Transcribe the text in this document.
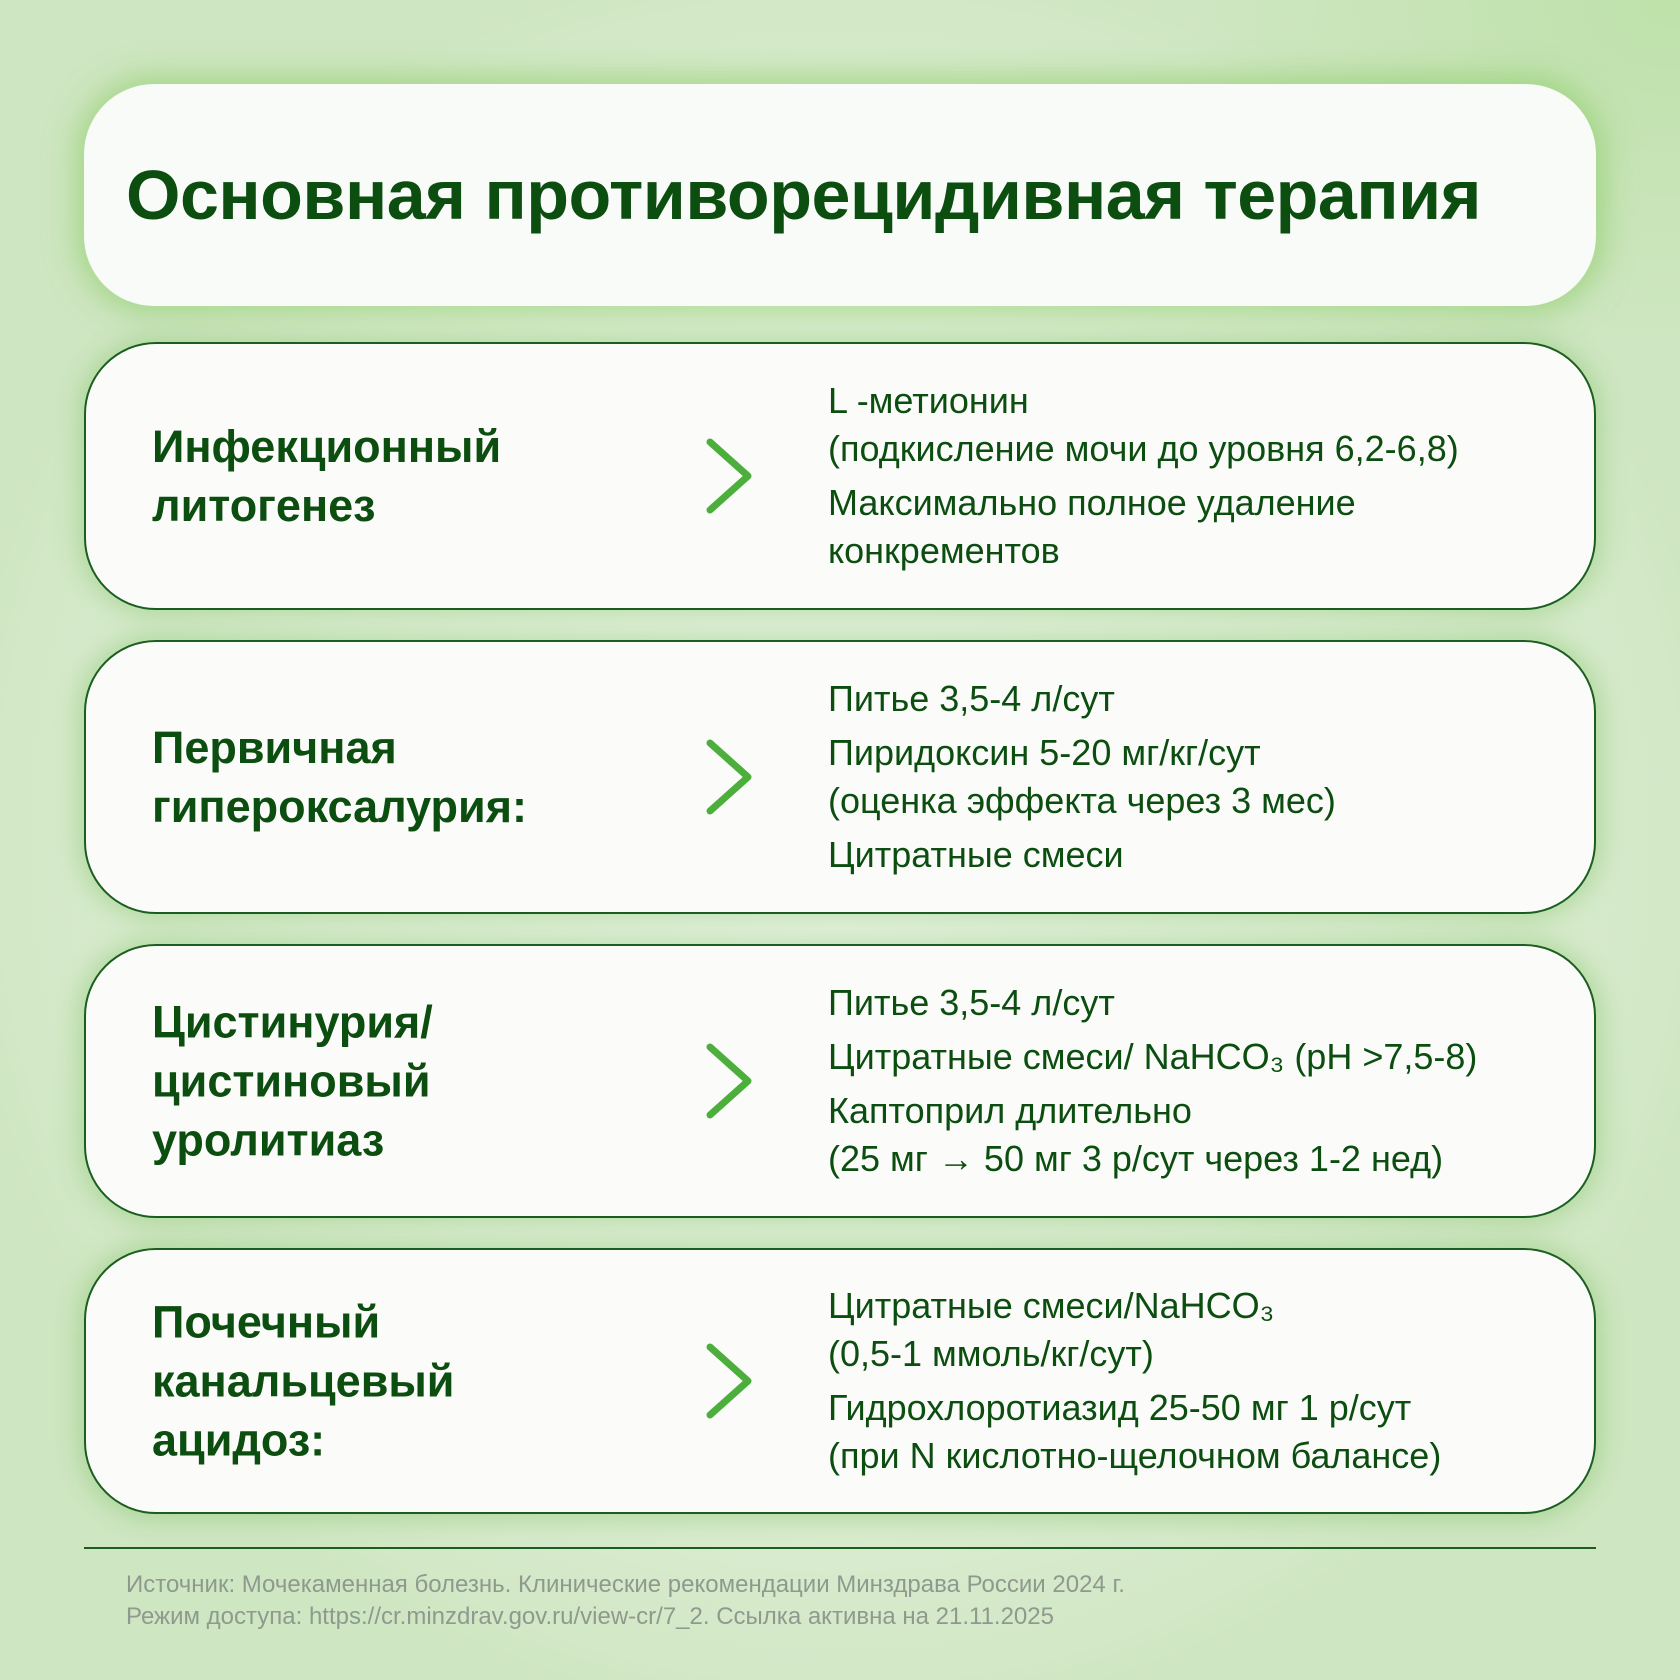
Основная противорецидивная терапия
Инфекционный
литогенез
L -метионин
(подкисление мочи до уровня 6,2-6,8)
Максимально полное удаление
конкрементов
Первичная
гипероксалурия:
Питье 3,5-4 л/сут
Пиридоксин 5-20 мг/кг/сут
(оценка эффекта через 3 мес)
Цитратные смеси
Цистинурия/
цистиновый
уролитиаз
Питье 3,5-4 л/сут
Цитратные смеси/ NaHCO₃ (pH >7,5-8)
Каптоприл длительно
(25 мг → 50 мг 3 р/сут через 1-2 нед)
Почечный
канальцевый
ацидоз:
Цитратные смеси/NaHCO₃
(0,5-1 ммоль/кг/сут)
Гидрохлоротиазид 25-50 мг 1 р/сут
(при N кислотно-щелочном балансе)
Источник: Мочекаменная болезнь. Клинические рекомендации Минздрава России 2024 г.
Режим доступа: https://cr.minzdrav.gov.ru/view-cr/7_2. Ссылка активна на 21.11.2025
